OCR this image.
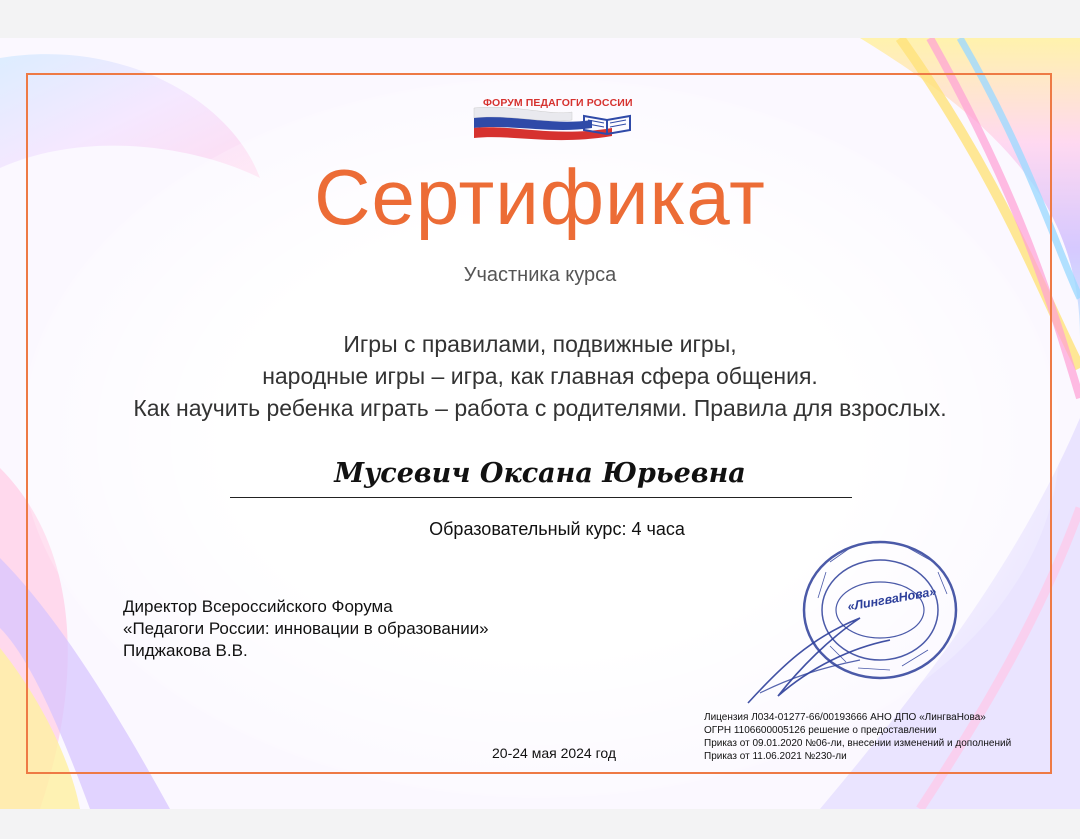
ФОРУМ ПЕДАГОГИ РОССИИ
Сертификат
Участника курса
Игры с правилами, подвижные игры,
народные игры – игра, как главная сфера общения.
Как научить ребенка играть – работа с родителями. Правила для взрослых.
Мусевич Оксана Юрьевна
Образовательный курс: 4 часа
Директор Всероссийского Форума
«Педагоги России: инновации в образовании»
Пиджакова В.В.
«ЛингваНова»
20-24 мая 2024 год
Лицензия Л034-01277-66/00193666 АНО ДПО «ЛингваНова»
ОГРН 1106600005126 решение о предоставлении
Приказ от 09.01.2020 №06-ли, внесении изменений и дополнений
Приказ от 11.06.2021 №230-ли
